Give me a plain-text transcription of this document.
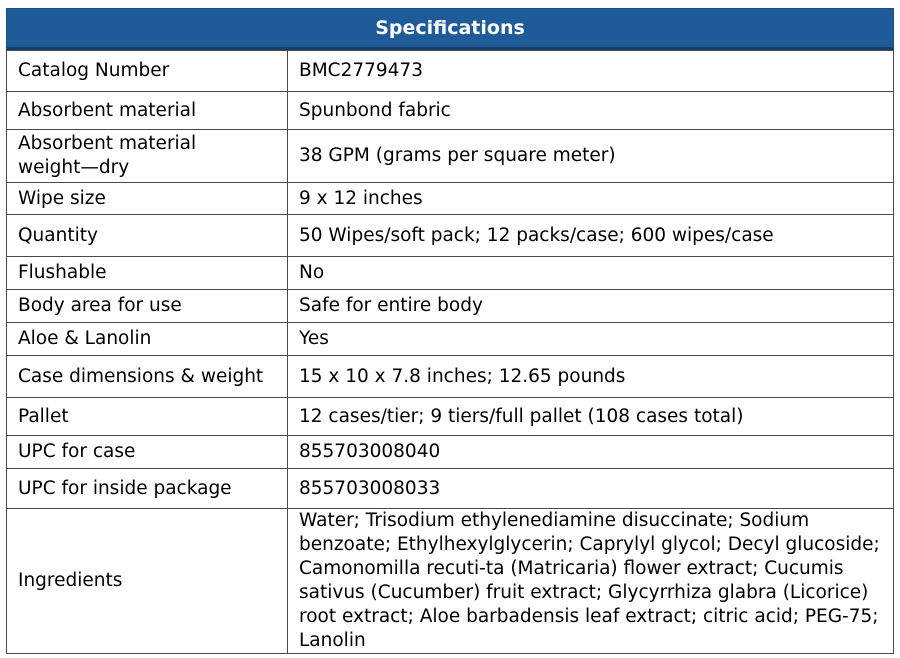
Specifications
Catalog Number	BMC2779473
Absorbent material	Spunbond fabric
Absorbent material weight—dry	38 GPM (grams per square meter)
Wipe size	9 x 12 inches
Quantity	50 Wipes/soft pack; 12 packs/case; 600 wipes/case
Flushable	No
Body area for use	Safe for entire body
Aloe & Lanolin	Yes
Case dimensions & weight	15 x 10 x 7.8 inches; 12.65 pounds
Pallet	12 cases/tier; 9 tiers/full pallet (108 cases total)
UPC for case	855703008040
UPC for inside package	855703008033
Ingredients	Water; Trisodium ethylenediamine disuccinate; Sodium benzoate; Ethylhexylglycerin; Caprylyl glycol; Decyl glucoside; Camonomilla recuti-ta (Matricaria) flower extract; Cucumis sativus (Cucumber) fruit extract; Glycyrrhiza glabra (Licorice) root extract; Aloe barbadensis leaf extract; citric acid; PEG-75; Lanolin
